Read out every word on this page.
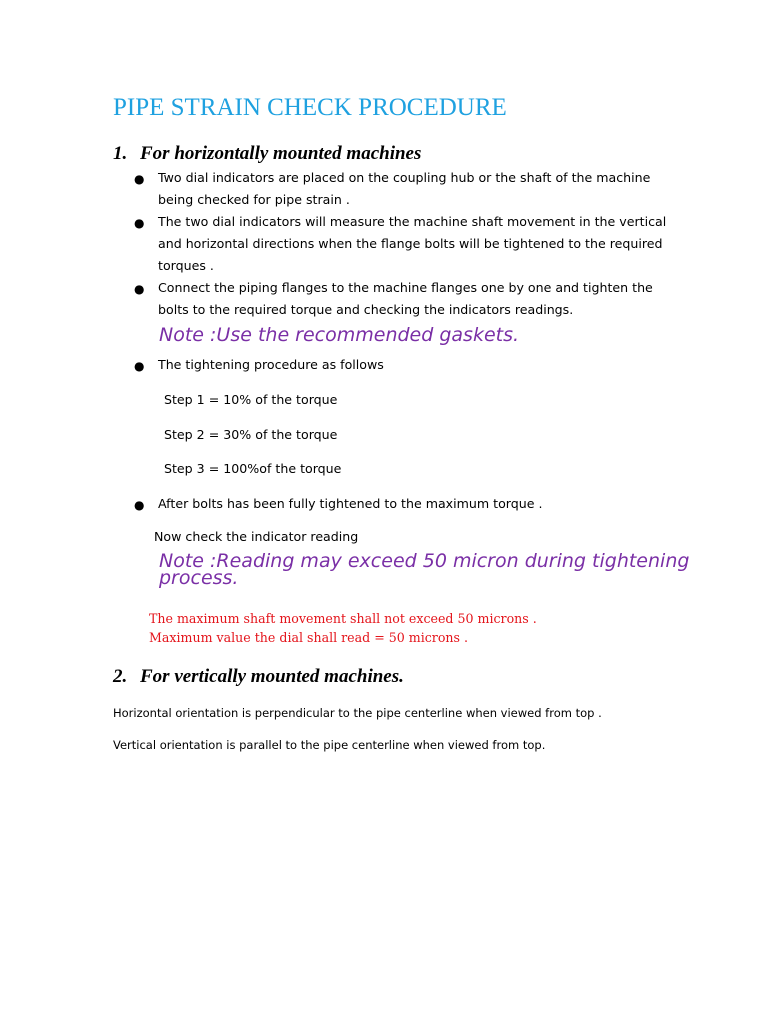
PIPE STRAIN CHECK PROCEDURE
1. For horizontally mounted machines
● Two dial indicators are placed on the coupling hub or the shaft of the machine
being checked for pipe strain .
● The two dial indicators will measure the machine shaft movement in the vertical
and horizontal directions when the flange bolts will be tightened to the required
torques .
● Connect the piping flanges to the machine flanges one by one and tighten the
bolts to the required torque and checking the indicators readings.
Note :Use the recommended gaskets.
● The tightening procedure as follows
Step 1 = 10% of the torque
Step 2 = 30% of the torque
Step 3 = 100%of the torque
● After bolts has been fully tightened to the maximum torque .
Now check the indicator reading
Note :Reading may exceed 50 micron during tightening
process.
The maximum shaft movement shall not exceed 50 microns .
Maximum value the dial shall read = 50 microns .
2. For vertically mounted machines.
Horizontal orientation is perpendicular to the pipe centerline when viewed from top .
Vertical orientation is parallel to the pipe centerline when viewed from top.
